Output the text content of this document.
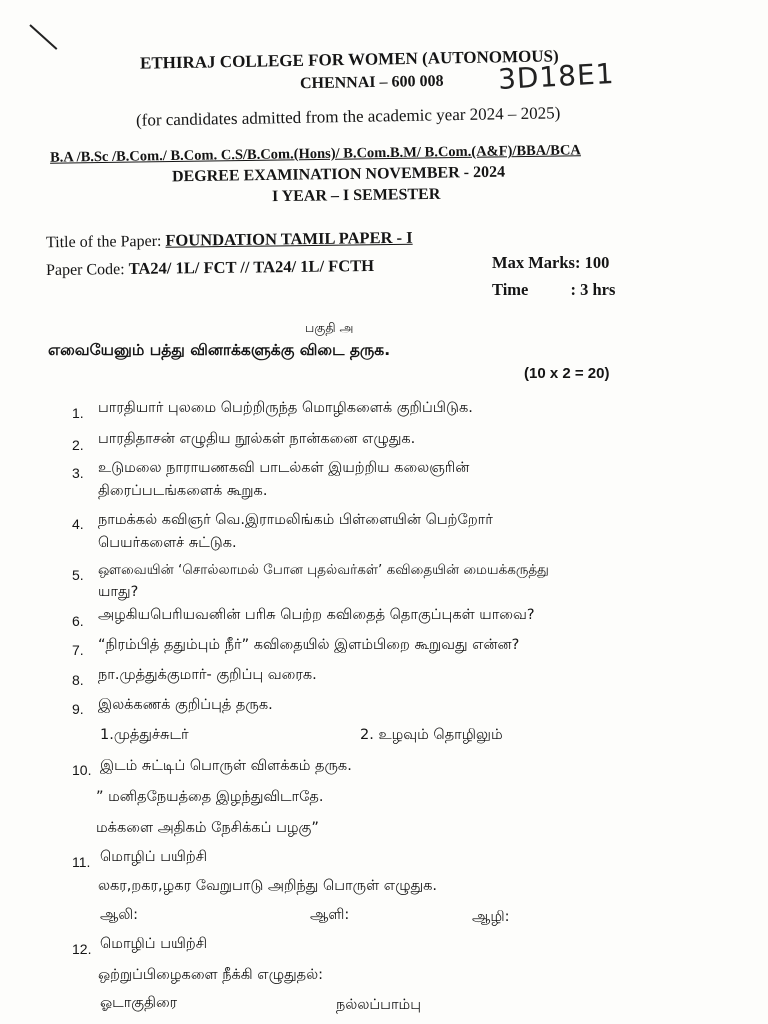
ETHIRAJ COLLEGE FOR WOMEN (AUTONOMOUS)
CHENNAI – 600 008 3D18E1
(for candidates admitted from the academic year 2024 – 2025)
B.A /B.Sc /B.Com./ B.Com. C.S/B.Com.(Hons)/ B.Com.B.M/ B.Com.(A&F)/BBA/BCA
DEGREE EXAMINATION NOVEMBER - 2024
I YEAR – I SEMESTER
Title of the Paper: FOUNDATION TAMIL PAPER - I
Paper Code: TA24/ 1L/ FCT // TA24/ 1L/ FCTH	Max Marks: 100
Time	: 3 hrs
பகுதி அ
எவையேனும் பத்து வினாக்களுக்கு விடை தருக.
(10 x 2 = 20)
1. பாரதியார் புலமை பெற்றிருந்த மொழிகளைக் குறிப்பிடுக.
2. பாரதிதாசன் எழுதிய நூல்கள் நான்கனை எழுதுக.
3. உடுமலை நாராயணகவி பாடல்கள் இயற்றிய கலைஞரின்
திரைப்படங்களைக் கூறுக.
4. நாமக்கல் கவிஞர் வெ.இராமலிங்கம் பிள்ளையின் பெற்றோர்
பெயர்களைச் சுட்டுக.
5. ஔவையின் ‘சொல்லாமல் போன புதல்வர்கள்’ கவிதையின் மையக்கருத்து
யாது?
6. அழகியபெரியவனின் பரிசு பெற்ற கவிதைத் தொகுப்புகள் யாவை?
7. “நிரம்பித் ததும்பும் நீர்” கவிதையில் இளம்பிறை கூறுவது என்ன?
8. நா.முத்துக்குமார்- குறிப்பு வரைக.
9. இலக்கணக் குறிப்புத் தருக.
1.முத்துச்சுடர்	2. உழவும் தொழிலும்
10. இடம் சுட்டிப் பொருள் விளக்கம் தருக.
” மனிதநேயத்தை இழந்துவிடாதே.
மக்களை அதிகம் நேசிக்கப் பழகு”
11. மொழிப் பயிற்சி
லகர,றகர,ழகர வேறுபாடு அறிந்து பொருள் எழுதுக.
ஆலி:	ஆளி:	ஆழி:
12. மொழிப் பயிற்சி
ஒற்றுப்பிழைகளை நீக்கி எழுதுதல்:
ஓடாகுதிரை	நல்லப்பாம்பு
